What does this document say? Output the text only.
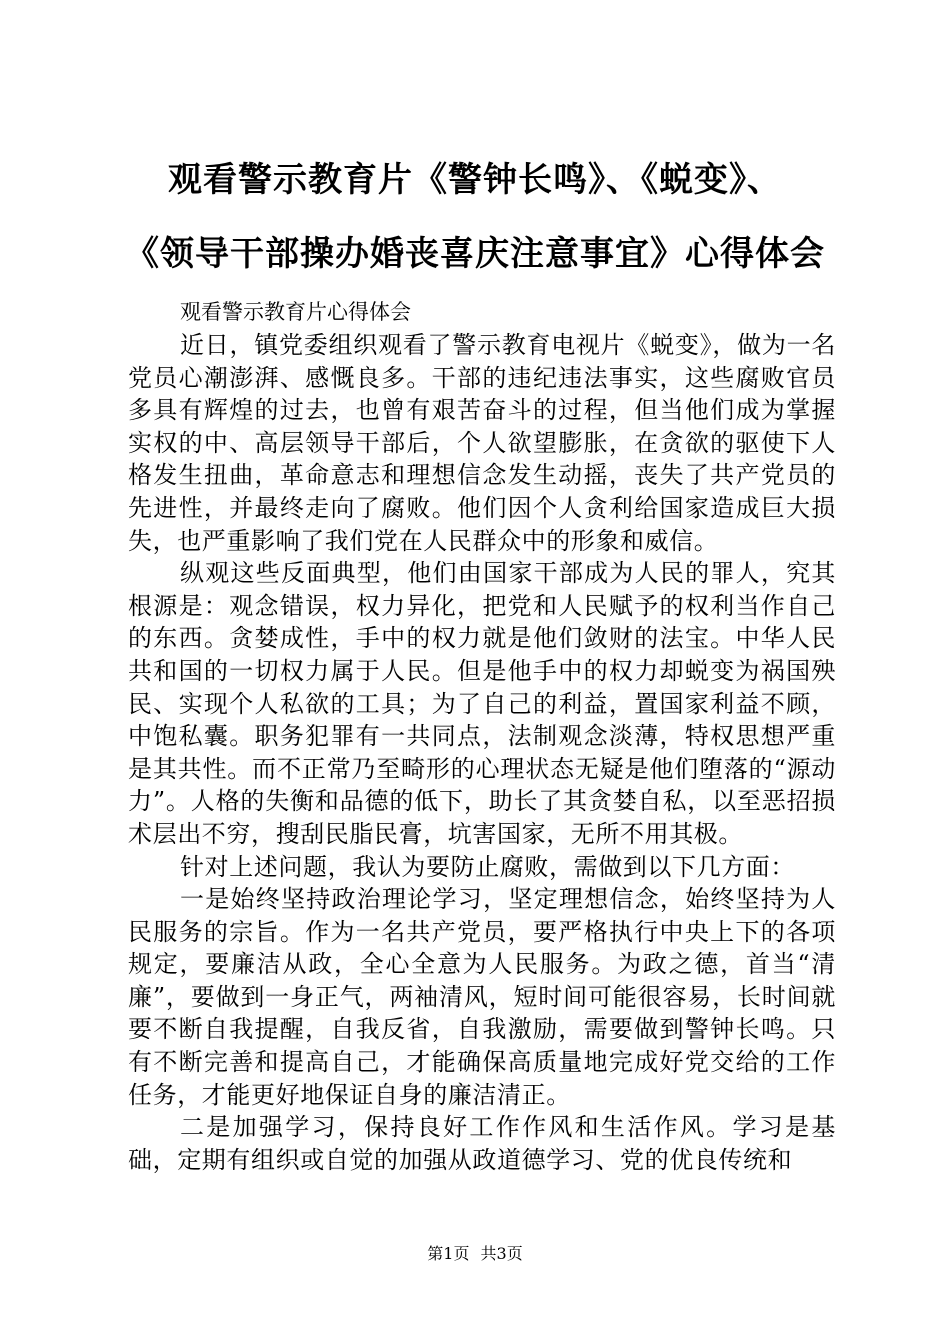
观看警示教育片《警钟长鸣》、《蜕变》、
《领导干部操办婚丧喜庆注意事宜》心得体会

观看警示教育片心得体会

近日，镇党委组织观看了警示教育电视片《蜕变》，做为一名党员心潮澎湃、感慨良多。干部的违纪违法事实，这些腐败官员多具有辉煌的过去，也曾有艰苦奋斗的过程，但当他们成为掌握实权的中、高层领导干部后，个人欲望膨胀，在贪欲的驱使下人格发生扭曲，革命意志和理想信念发生动摇，丧失了共产党员的先进性，并最终走向了腐败。他们因个人贪利给国家造成巨大损失，也严重影响了我们党在人民群众中的形象和威信。

纵观这些反面典型，他们由国家干部成为人民的罪人，究其根源是：观念错误，权力异化，把党和人民赋予的权利当作自己的东西。贪婪成性，手中的权力就是他们敛财的法宝。中华人民共和国的一切权力属于人民。但是他手中的权力却蜕变为祸国殃民、实现个人私欲的工具；为了自己的利益，置国家利益不顾，中饱私囊。职务犯罪有一共同点，法制观念淡薄，特权思想严重是其共性。而不正常乃至畸形的心理状态无疑是他们堕落的“源动力”。人格的失衡和品德的低下，助长了其贪婪自私，以至恶招损术层出不穷，搜刮民脂民膏，坑害国家，无所不用其极。

针对上述问题，我认为要防止腐败，需做到以下几方面：

一是始终坚持政治理论学习，坚定理想信念，始终坚持为人民服务的宗旨。作为一名共产党员，要严格执行中央上下的各项规定，要廉洁从政，全心全意为人民服务。为政之德，首当“清廉”，要做到一身正气，两袖清风，短时间可能很容易，长时间就要不断自我提醒，自我反省，自我激励，需要做到警钟长鸣。只有不断完善和提高自己，才能确保高质量地完成好党交给的工作任务，才能更好地保证自身的廉洁清正。

二是加强学习，保持良好工作作风和生活作风。学习是基础，定期有组织或自觉的加强从政道德学习、党的优良传统和

第1页 共3页
